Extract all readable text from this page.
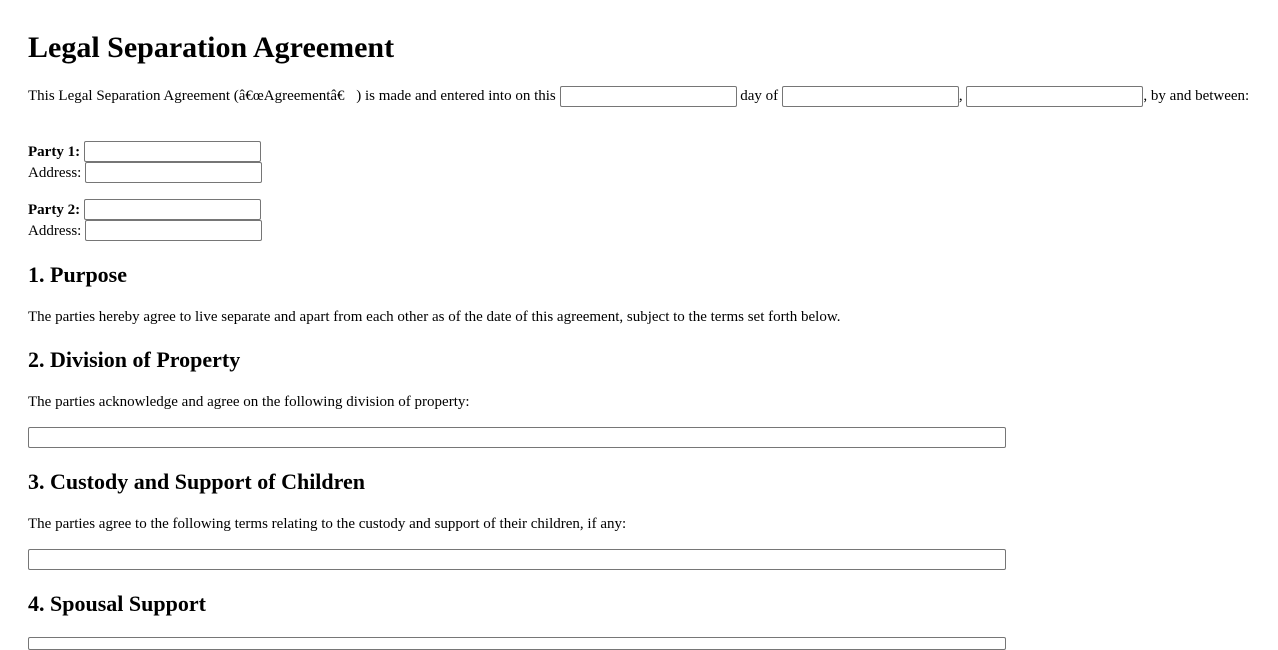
Legal Separation Agreement

This Legal Separation Agreement (â€œAgreementâ€ ) is made and entered into on this	day of	,	, by and between:

Party 1:
Address:
Party 2:
Address:
1. Purpose

The parties hereby agree to live separate and apart from each other as of the date of this agreement, subject to the terms set forth below.

2. Division of Property

The parties acknowledge and agree on the following division of property:

3. Custody and Support of Children

The parties agree to the following terms relating to the custody and support of their children, if any:

4. Spousal Support
